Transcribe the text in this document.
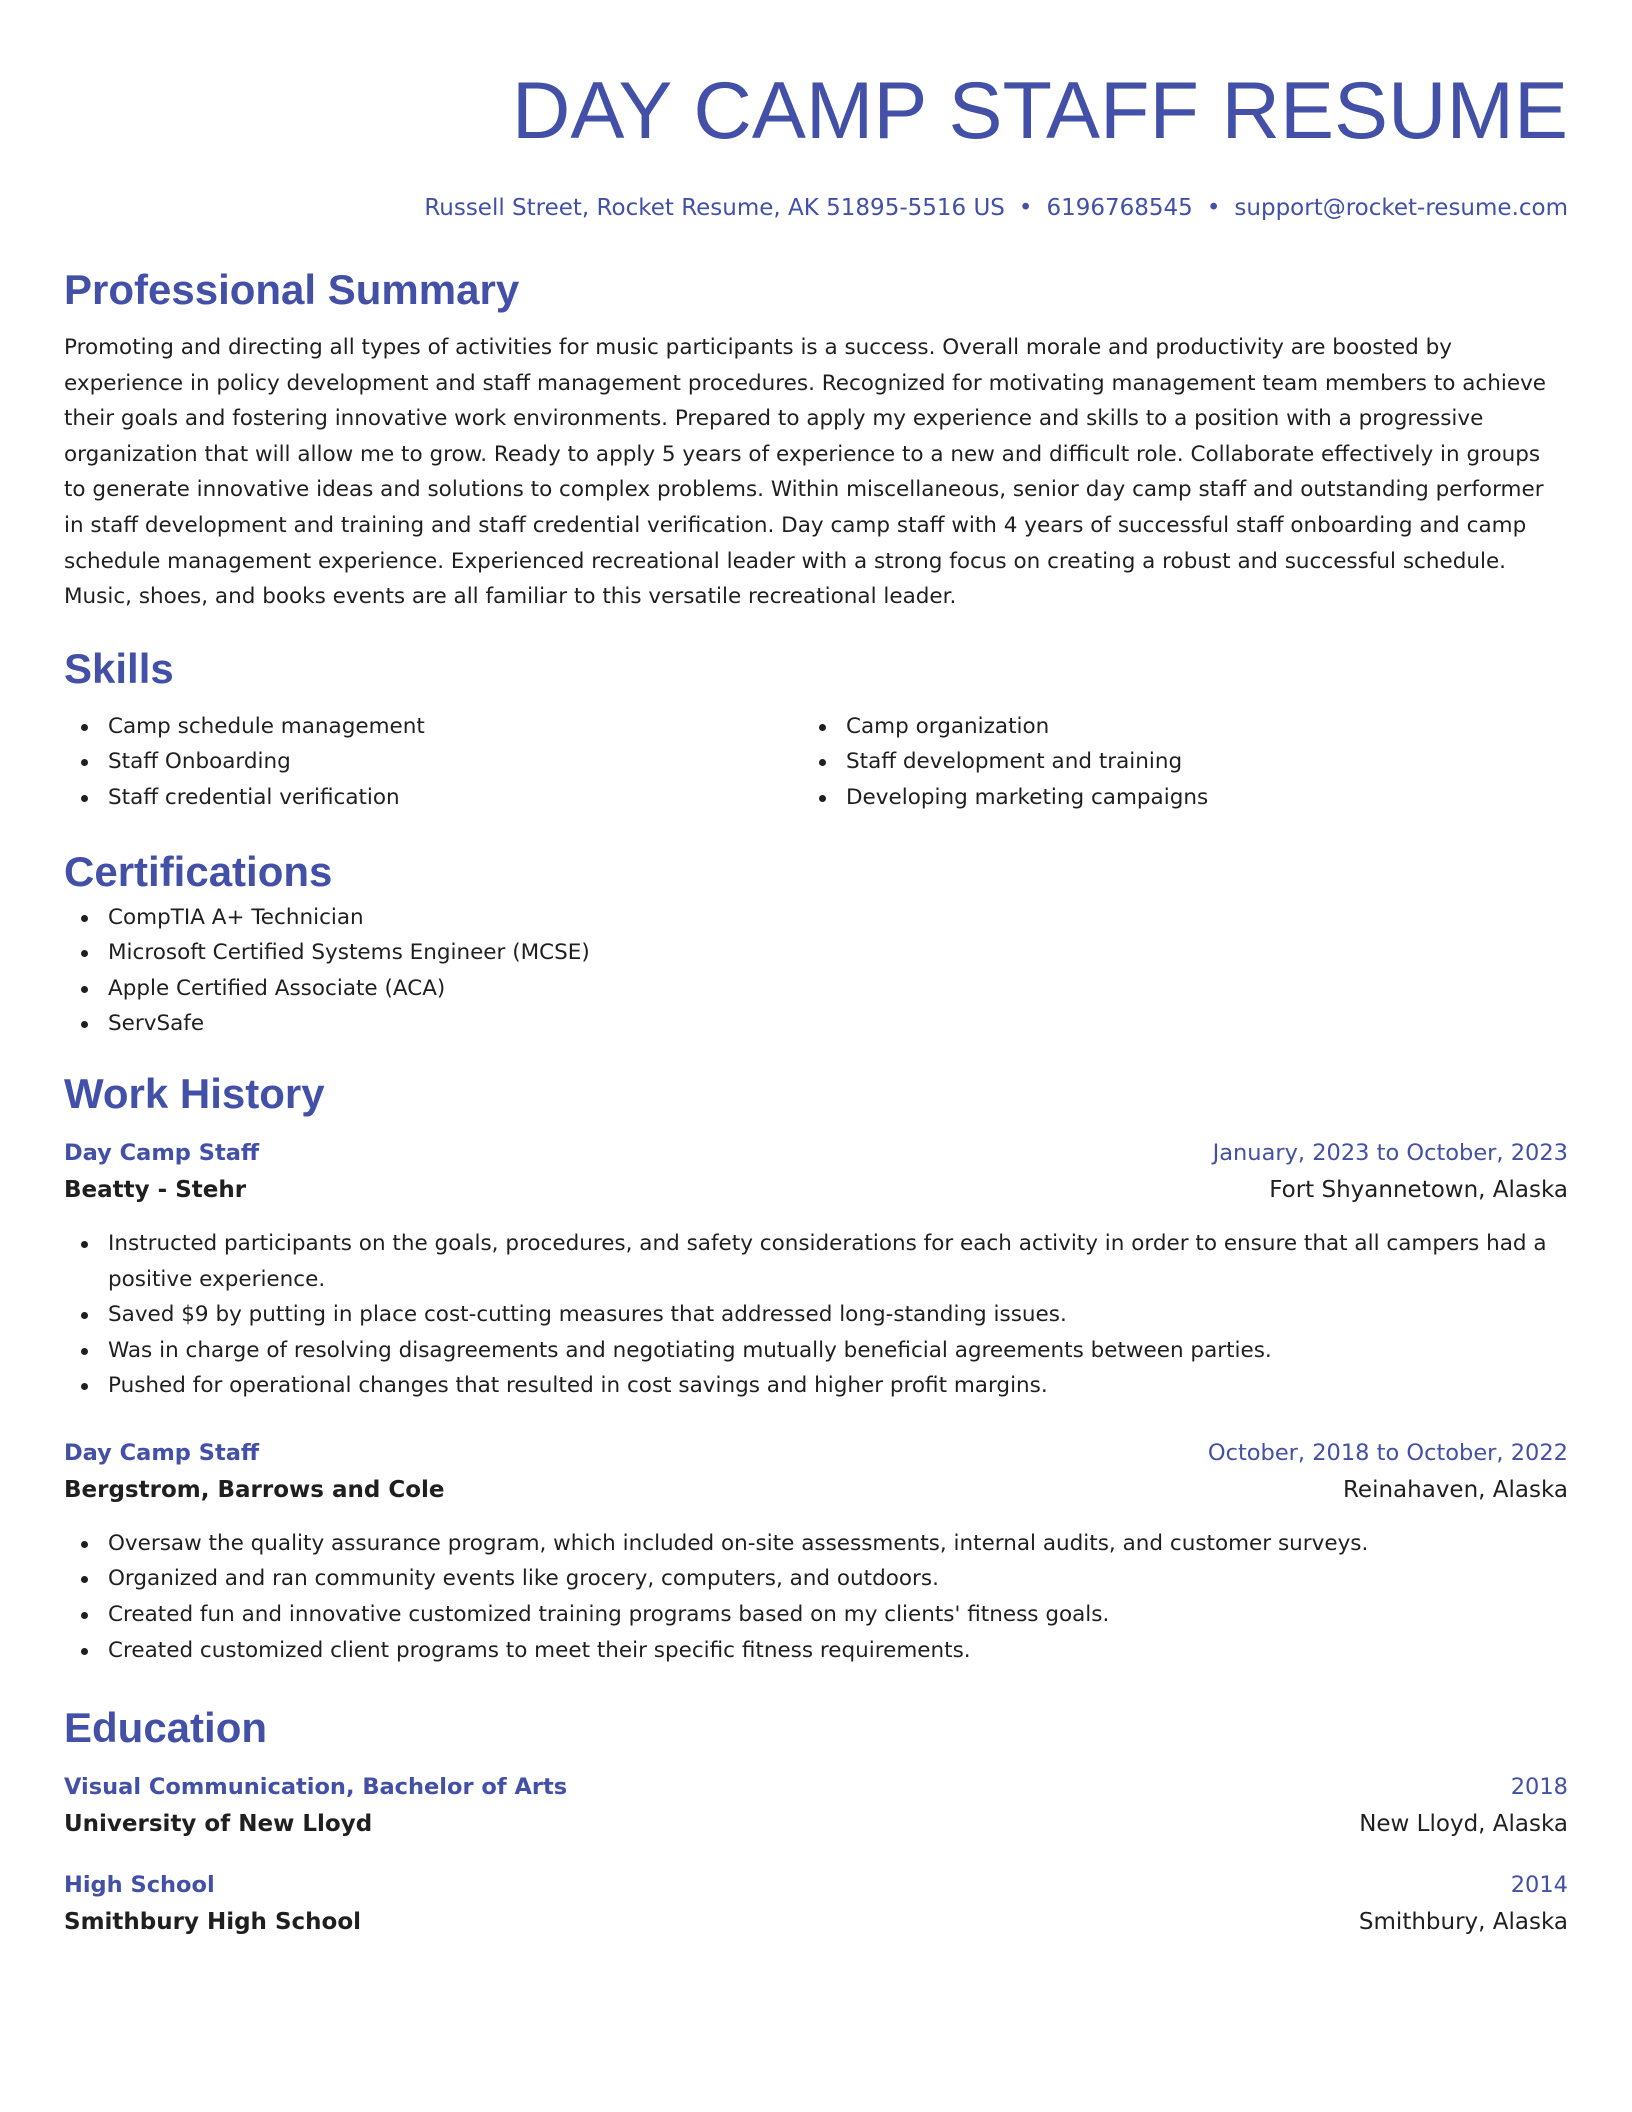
DAY CAMP STAFF RESUME
Russell Street, Rocket Resume, AK 51895-5516 US • 6196768545 • support@rocket-resume.com
Professional Summary
Promoting and directing all types of activities for music participants is a success. Overall morale and productivity are boosted by experience in policy development and staff management procedures. Recognized for motivating management team members to achieve their goals and fostering innovative work environments. Prepared to apply my experience and skills to a position with a progressive organization that will allow me to grow. Ready to apply 5 years of experience to a new and difficult role. Collaborate effectively in groups to generate innovative ideas and solutions to complex problems. Within miscellaneous, senior day camp staff and outstanding performer in staff development and training and staff credential verification. Day camp staff with 4 years of successful staff onboarding and camp schedule management experience. Experienced recreational leader with a strong focus on creating a robust and successful schedule. Music, shoes, and books events are all familiar to this versatile recreational leader.
Skills
Camp schedule management
Staff Onboarding
Staff credential verification
Camp organization
Staff development and training
Developing marketing campaigns
Certifications
CompTIA A+ Technician
Microsoft Certified Systems Engineer (MCSE)
Apple Certified Associate (ACA)
ServSafe
Work History
Day Camp Staff	January, 2023 to October, 2023
Beatty - Stehr	Fort Shyannetown, Alaska
Instructed participants on the goals, procedures, and safety considerations for each activity in order to ensure that all campers had a positive experience.
Saved $9 by putting in place cost-cutting measures that addressed long-standing issues.
Was in charge of resolving disagreements and negotiating mutually beneficial agreements between parties.
Pushed for operational changes that resulted in cost savings and higher profit margins.
Day Camp Staff	October, 2018 to October, 2022
Bergstrom, Barrows and Cole	Reinahaven, Alaska
Oversaw the quality assurance program, which included on-site assessments, internal audits, and customer surveys.
Organized and ran community events like grocery, computers, and outdoors.
Created fun and innovative customized training programs based on my clients' fitness goals.
Created customized client programs to meet their specific fitness requirements.
Education
Visual Communication, Bachelor of Arts	2018
University of New Lloyd	New Lloyd, Alaska
High School	2014
Smithbury High School	Smithbury, Alaska
